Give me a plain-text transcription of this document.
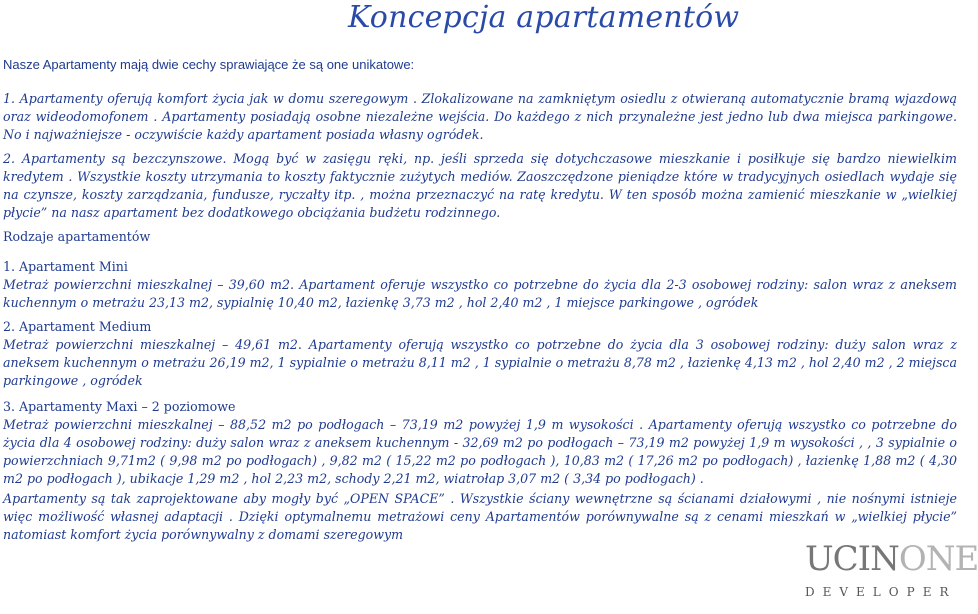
Koncepcja apartamentów
Nasze Apartamenty mają dwie cechy sprawiające że są one unikatowe:

1. Apartamenty oferują komfort życia jak w domu szeregowym . Zlokalizowane na zamkniętym osiedlu z otwieraną automatycznie bramą wjazdową oraz wideodomofonem . Apartamenty posiadają osobne niezależne wejścia. Do każdego z nich przynależne jest jedno lub dwa miejsca parkingowe. No i najważniejsze - oczywiście każdy apartament posiada własny ogródek.

2. Apartamenty są bezczynszowe. Mogą być w zasięgu ręki, np. jeśli sprzeda się dotychczasowe mieszkanie i posiłkuje się bardzo niewielkim kredytem . Wszystkie koszty utrzymania to koszty faktycznie zużytych mediów. Zaoszczędzone pieniądze które w tradycyjnych osiedlach wydaje się na czynsze, koszty zarządzania, fundusze, ryczałty itp. , można przeznaczyć na ratę kredytu. W ten sposób można zamienić mieszkanie w „wielkiej płycie” na nasz apartament bez dodatkowego obciążania budżetu rodzinnego.

Rodzaje apartamentów

1. Apartament Mini

Metraż powierzchni mieszkalnej – 39,60 m2. Apartament oferuje wszystko co potrzebne do życia dla 2-3 osobowej rodziny: salon wraz z aneksem kuchennym o metrażu 23,13 m2, sypialnię 10,40 m2, łazienkę 3,73 m2 , hol 2,40 m2 , 1 miejsce parkingowe , ogródek

2. Apartament Medium

Metraż powierzchni mieszkalnej – 49,61 m2. Apartamenty oferują wszystko co potrzebne do życia dla 3 osobowej rodziny: duży salon wraz z aneksem kuchennym o metrażu 26,19 m2, 1 sypialnie o metrażu 8,11 m2 , 1 sypialnie o metrażu 8,78 m2 , łazienkę 4,13 m2 , hol 2,40 m2 , 2 miejsca parkingowe , ogródek

3. Apartamenty Maxi – 2 poziomowe

Metraż powierzchni mieszkalnej – 88,52 m2 po podłogach – 73,19 m2 powyżej 1,9 m wysokości . Apartamenty oferują wszystko co potrzebne do życia dla 4 osobowej rodziny: duży salon wraz z aneksem kuchennym - 32,69 m2 po podłogach – 73,19 m2 powyżej 1,9 m wysokości , , 3 sypialnie o powierzchniach 9,71m2 ( 9,98 m2 po podłogach) , 9,82 m2 ( 15,22 m2 po podłogach ), 10,83 m2 ( 17,26 m2 po podłogach) , łazienkę 1,88 m2 ( 4,30 m2 po podłogach ), ubikacje 1,29 m2 , hol 2,23 m2, schody 2,21 m2, wiatrołap 3,07 m2 ( 3,34 po podłogach) .

Apartamenty są tak zaprojektowane aby mogły być „OPEN SPACE” . Wszystkie ściany wewnętrzne są ścianami działowymi , nie nośnymi istnieje więc możliwość własnej adaptacji . Dzięki optymalnemu metrażowi ceny Apartamentów porównywalne są z cenami mieszkań w „wielkiej płycie” natomiast komfort życia porównywalny z domami szeregowym

UCINONE
DEVELOPER
